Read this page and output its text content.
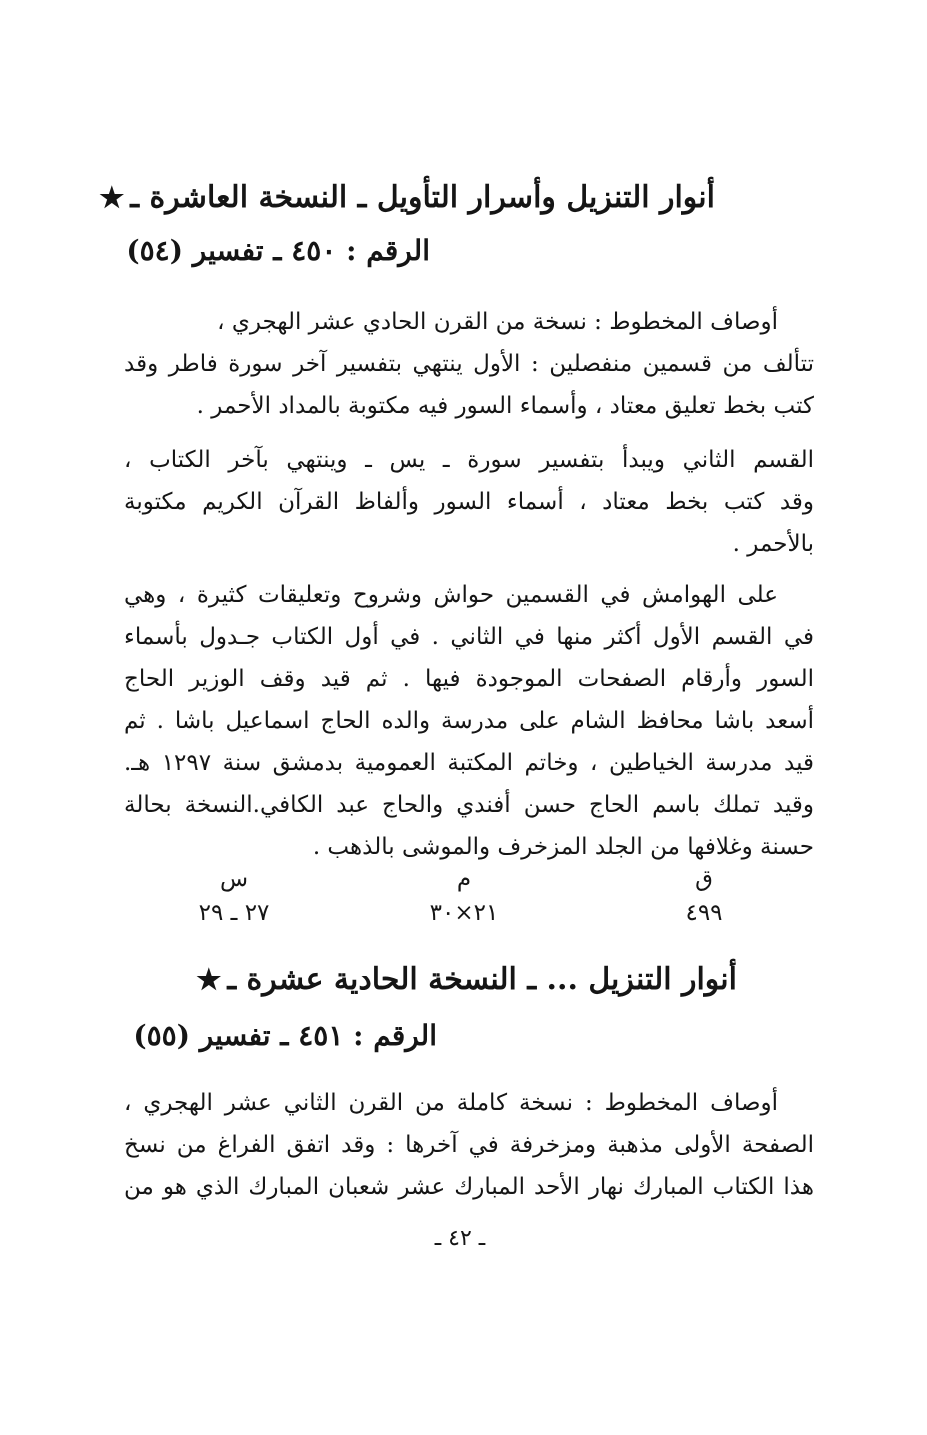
أنوار التنزيل وأسرار التأويل ـ النسخة العاشرة ـ★
الرقم : ٤٥٠ ـ تفسير (٥٤)
أوصاف المخطوط : نسخة من القرن الحادي عشر الهجري ،
تتألف من قسمين منفصلين : الأول ينتهي بتفسير آخر سورة فاطر وقد
كتب بخط تعليق معتاد ، وأسماء السور فيه مكتوبة بالمداد الأحمر .
القسم الثاني ويبدأ بتفسير سورة ـ يس ـ وينتهي بآخر الكتاب ،
وقد كتب بخط معتاد ، أسماء السور وألفاظ القرآن الكريم مكتوبة
بالأحمر .
على الهوامش في القسمين حواش وشروح وتعليقات كثيرة ، وهي
في القسم الأول أكثر منها في الثاني . في أول الكتاب جـدول بأسماء
السور وأرقام الصفحات الموجودة فيها . ثم قيد وقف الوزير الحاج
أسعد باشا محافظ الشام على مدرسة والده الحاج اسماعيل باشا . ثم
قيد مدرسة الخياطين ، وخاتم المكتبة العمومية بدمشق سنة ١٢٩٧ هـ.
وقيد تملك باسم الحاج حسن أفندي والحاج عبد الكافي.النسخة بحالة
حسنة وغلافها من الجلد المزخرف والموشى بالذهب .
ق
٤٩٩
م
٢١×٣٠
س
٢٧ ـ ٢٩
أنوار التنزيل ... ـ النسخة الحادية عشرة ـ★
الرقم : ٤٥١ ـ تفسير (٥٥)
أوصاف المخطوط : نسخة كاملة من القرن الثاني عشر الهجري ،
الصفحة الأولى مذهبة ومزخرفة في آخرها : وقد اتفق الفراغ من نسخ
هذا الكتاب المبارك نهار الأحد المبارك عشر شعبان المبارك الذي هو من
ـ ٤٢ ـ
